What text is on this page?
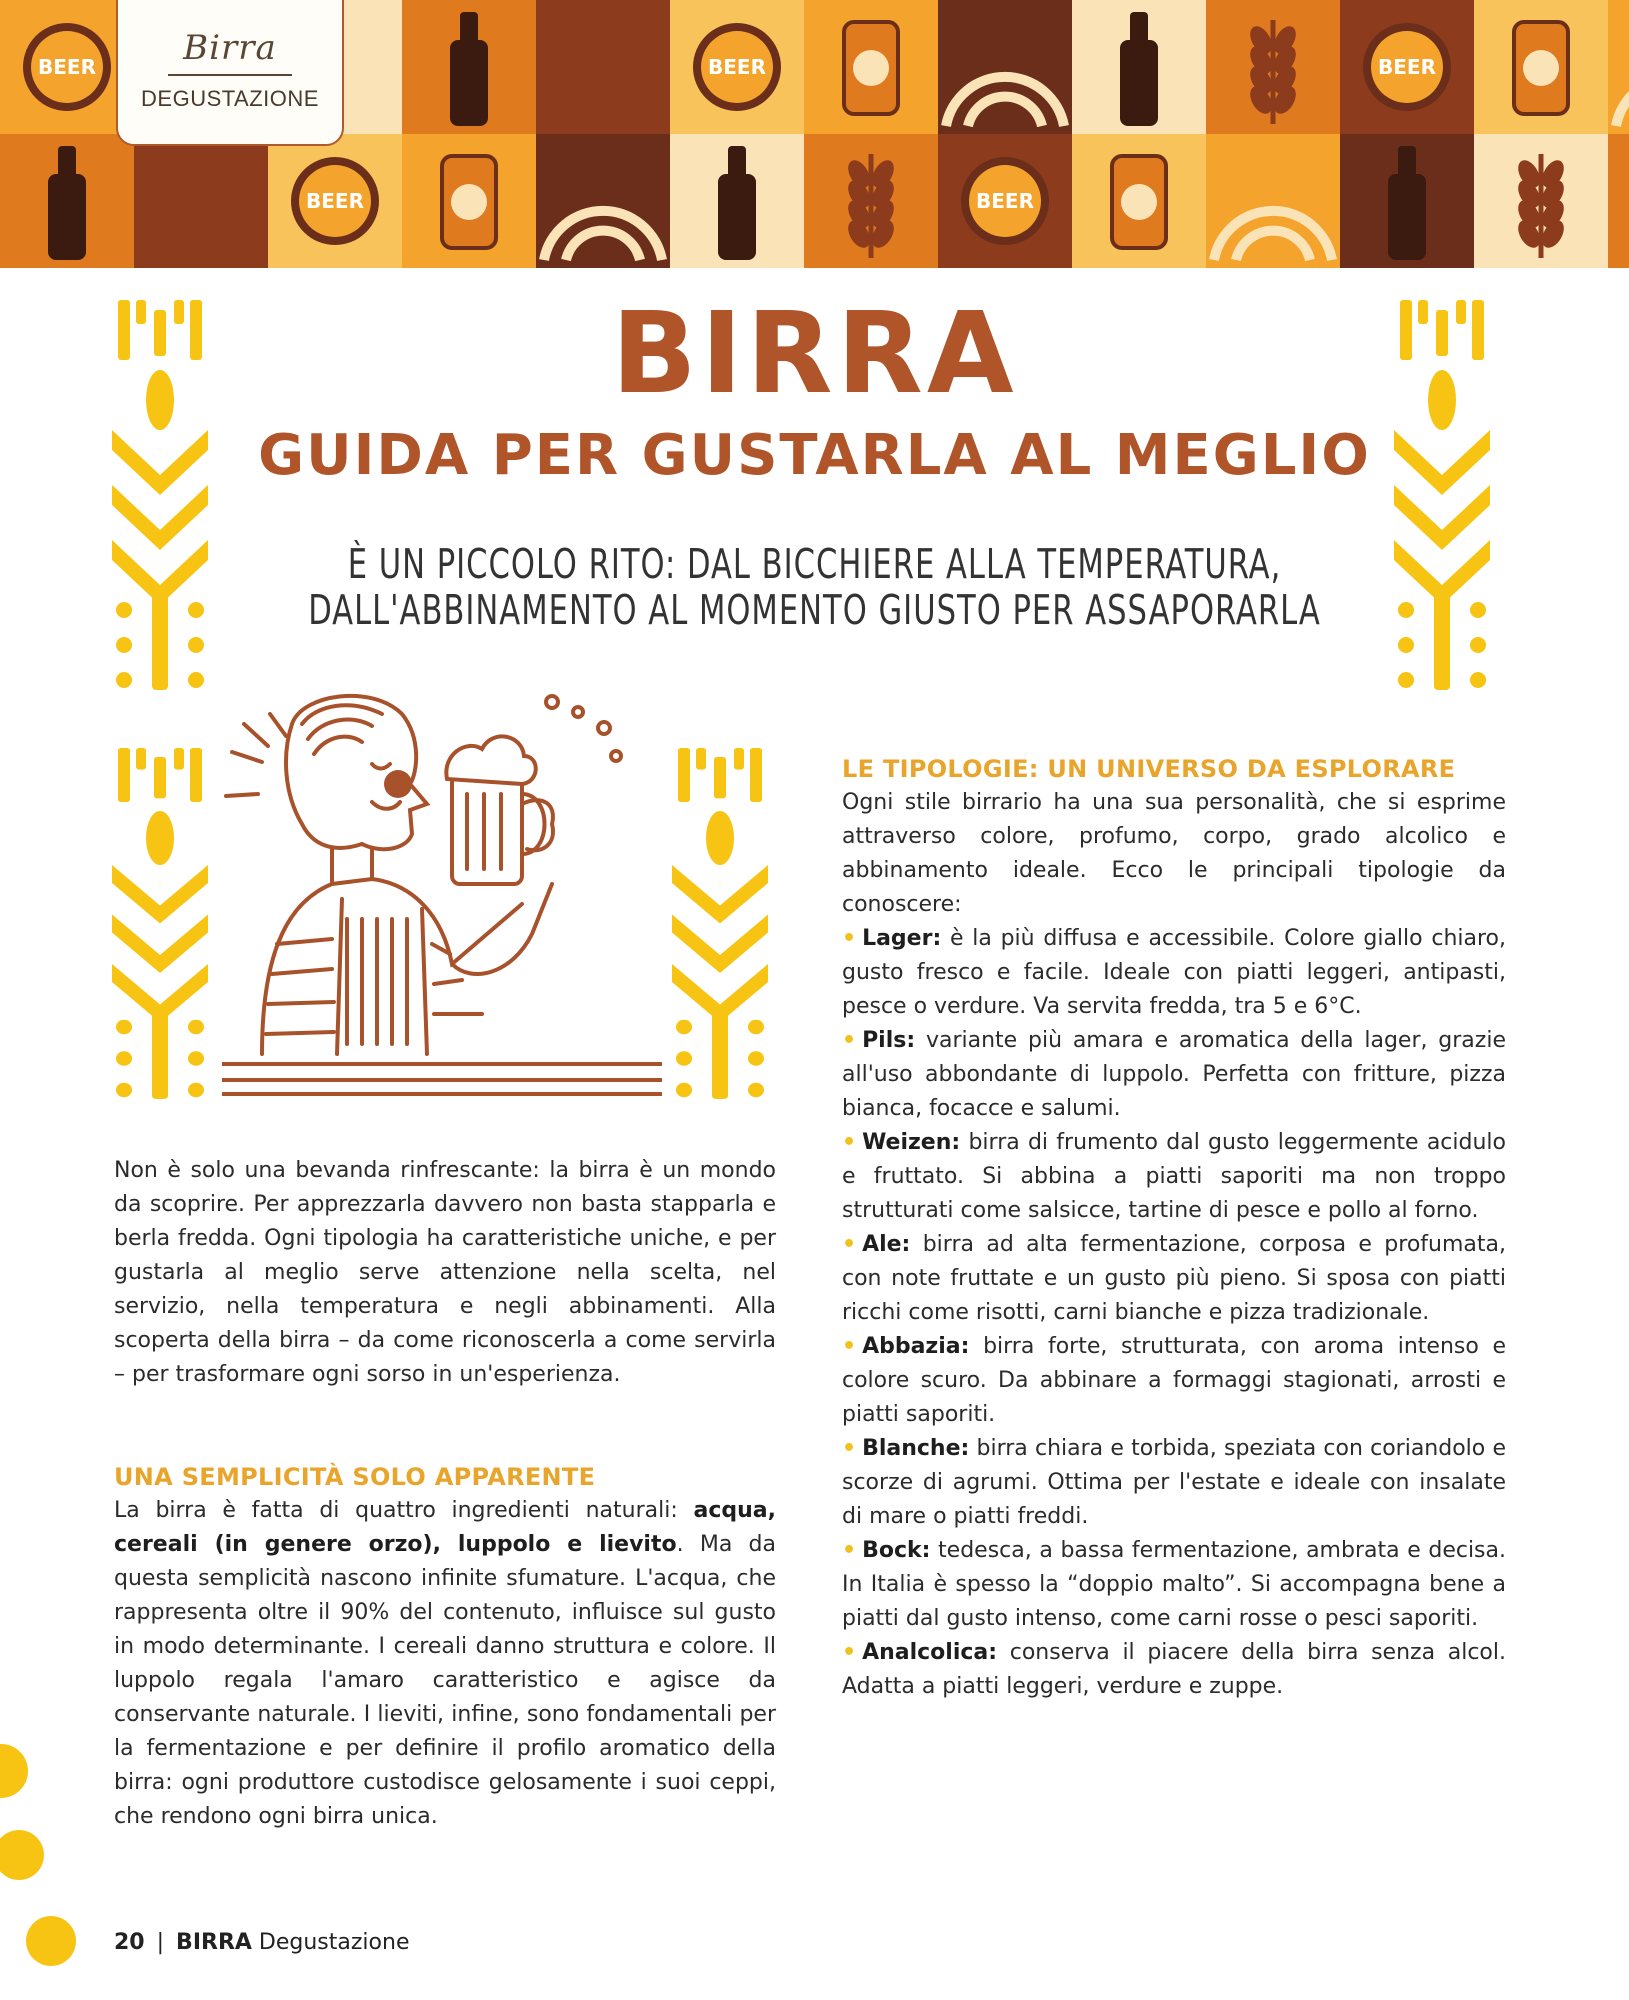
BEER	BEER	BEER
BEER	BEER
Birra
DEGUSTAZIONE
BIRRA
GUIDA PER GUSTARLA AL MEGLIO
È UN PICCOLO RITO: DAL BICCHIERE ALLA TEMPERATURA,
DALL'ABBINAMENTO AL MOMENTO GIUSTO PER ASSAPORARLA

Non è solo una bevanda rinfrescante: la birra è un mondo da scoprire. Per apprezzarla davvero non basta stapparla e berla fredda. Ogni tipologia ha caratteristiche uniche, e per gustarla al meglio serve attenzione nella scelta, nel servizio, nella temperatura e negli abbinamenti. Alla scoperta della birra – da come riconoscerla a come servirla – per trasformare ogni sorso in un'esperienza.

UNA SEMPLICITÀ SOLO APPARENTE

La birra è fatta di quattro ingredienti naturali: acqua, cereali (in genere orzo), luppolo e lievito. Ma da questa semplicità nascono infinite sfumature. L'acqua, che rappresenta oltre il 90% del contenuto, influisce sul gusto in modo determinante. I cereali danno struttura e colore. Il luppolo regala l'amaro caratteristico e agisce da conservante naturale. I lieviti, infine, sono fondamentali per la fermentazione e per definire il profilo aromatico della birra: ogni produttore custodisce gelosamente i suoi ceppi, che rendono ogni birra unica.

LE TIPOLOGIE: UN UNIVERSO DA ESPLORARE

Ogni stile birrario ha una sua personalità, che si esprime attraverso colore, profumo, corpo, grado alcolico e abbinamento ideale. Ecco le principali tipologie da conoscere:

• Lager: è la più diffusa e accessibile. Colore giallo chiaro, gusto fresco e facile. Ideale con piatti leggeri, antipasti, pesce o verdure. Va servita fredda, tra 5 e 6°C.

• Pils: variante più amara e aromatica della lager, grazie all'uso abbondante di luppolo. Perfetta con fritture, pizza bianca, focacce e salumi.

• Weizen: birra di frumento dal gusto leggermente acidulo e fruttato. Si abbina a piatti saporiti ma non troppo strutturati come salsicce, tartine di pesce e pollo al forno.

• Ale: birra ad alta fermentazione, corposa e profumata, con note fruttate e un gusto più pieno. Si sposa con piatti ricchi come risotti, carni bianche e pizza tradizionale.

• Abbazia: birra forte, strutturata, con aroma intenso e colore scuro. Da abbinare a formaggi stagionati, arrosti e piatti saporiti.

• Blanche: birra chiara e torbida, speziata con coriandolo e scorze di agrumi. Ottima per l'estate e ideale con insalate di mare o piatti freddi.

• Bock: tedesca, a bassa fermentazione, ambrata e decisa. In Italia è spesso la “doppio malto”. Si accompagna bene a piatti dal gusto intenso, come carni rosse o pesci saporiti.

• Analcolica: conserva il piacere della birra senza alcol. Adatta a piatti leggeri, verdure e zuppe.

20 | BIRRA Degustazione
